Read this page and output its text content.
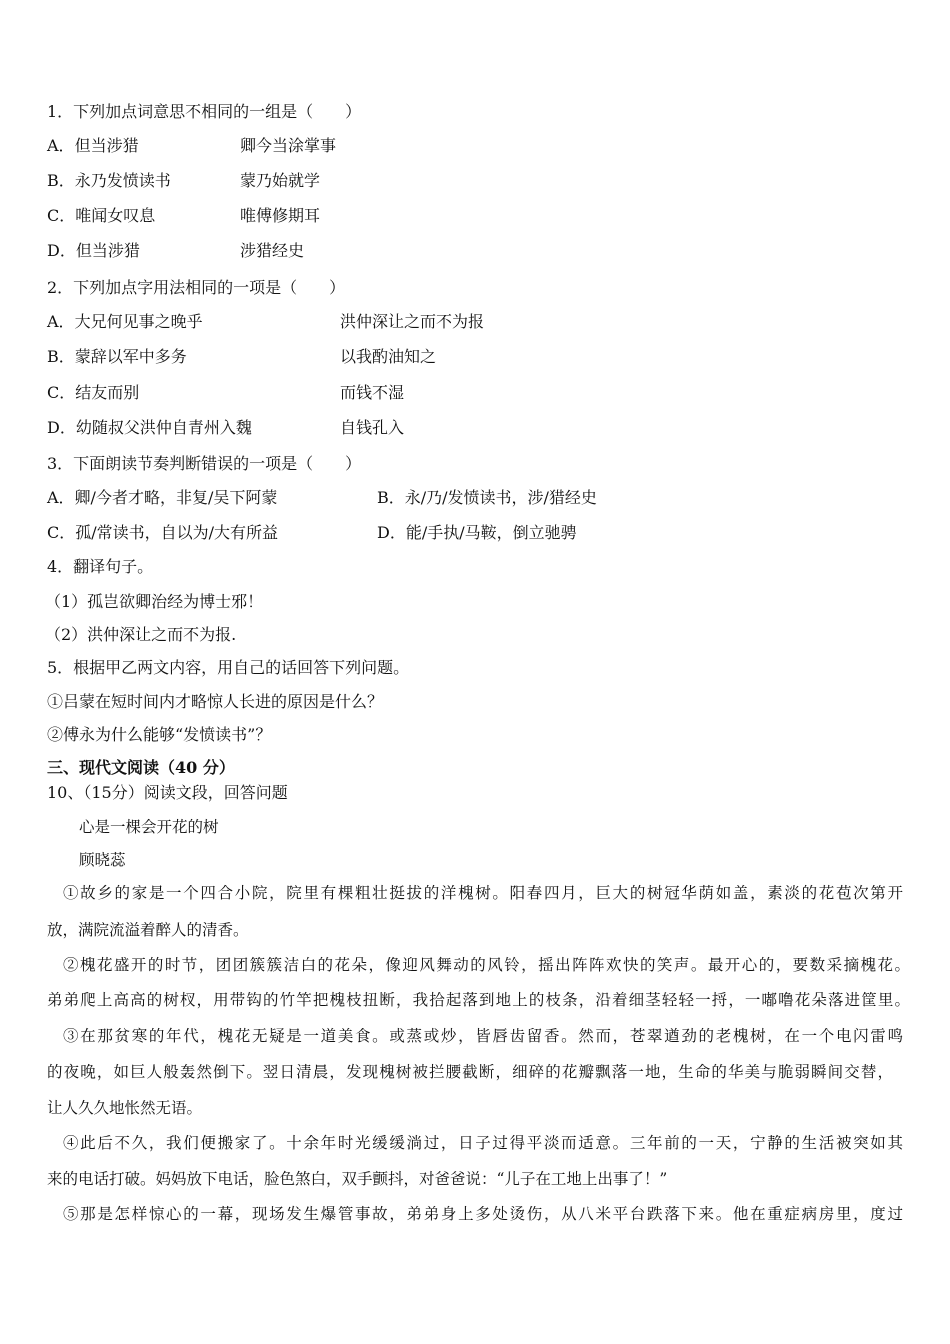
1．下列加点词意思不相同的一组是（　　）
A．但当涉猎	卿今当涂掌事
B．永乃发愤读书	蒙乃始就学
C．唯闻女叹息	唯傅修期耳
D．但当涉猎	涉猎经史
2．下列加点字用法相同的一项是（　　）
A．大兄何见事之晚乎	洪仲深让之而不为报
B．蒙辞以军中多务	以我酌油知之
C．结友而别	而钱不湿
D．幼随叔父洪仲自青州入魏	自钱孔入
3．下面朗读节奏判断错误的一项是（　　）
A．卿/今者才略，非复/吴下阿蒙	B．永/乃/发愤读书，涉/猎经史
C．孤/常读书，自以为/大有所益	D．能/手执/马鞍，倒立驰骋
4．翻译句子。
（1）孤岂欲卿治经为博士邪！
（2）洪仲深让之而不为报.
5．根据甲乙两文内容，用自己的话回答下列问题。
①吕蒙在短时间内才略惊人长进的原因是什么？
②傅永为什么能够“发愤读书”？
三、现代文阅读（40 分）
10、（15分）阅读文段，回答问题
心是一棵会开花的树
顾晓蕊
①故乡的家是一个四合小院，院里有棵粗壮挺拔的洋槐树。阳春四月，巨大的树冠华荫如盖，素淡的花苞次第开
放，满院流溢着醉人的清香。
②槐花盛开的时节，团团簇簇洁白的花朵，像迎风舞动的风铃，摇出阵阵欢快的笑声。最开心的，要数采摘槐花。
弟弟爬上高高的树杈，用带钩的竹竿把槐枝扭断，我拾起落到地上的枝条，沿着细茎轻轻一捋，一嘟噜花朵落进筐里。
③在那贫寒的年代，槐花无疑是一道美食。或蒸或炒，皆唇齿留香。然而，苍翠遒劲的老槐树，在一个电闪雷鸣
的夜晚，如巨人般轰然倒下。翌日清晨，发现槐树被拦腰截断，细碎的花瓣飘落一地，生命的华美与脆弱瞬间交替，
让人久久地怅然无语。
④此后不久，我们便搬家了。十余年时光缓缓淌过，日子过得平淡而适意。三年前的一天，宁静的生活被突如其
来的电话打破。妈妈放下电话，脸色煞白，双手颤抖，对爸爸说：“儿子在工地上出事了！”
⑤那是怎样惊心的一幕，现场发生爆管事故，弟弟身上多处烫伤，从八米平台跌落下来。他在重症病房里，度过
